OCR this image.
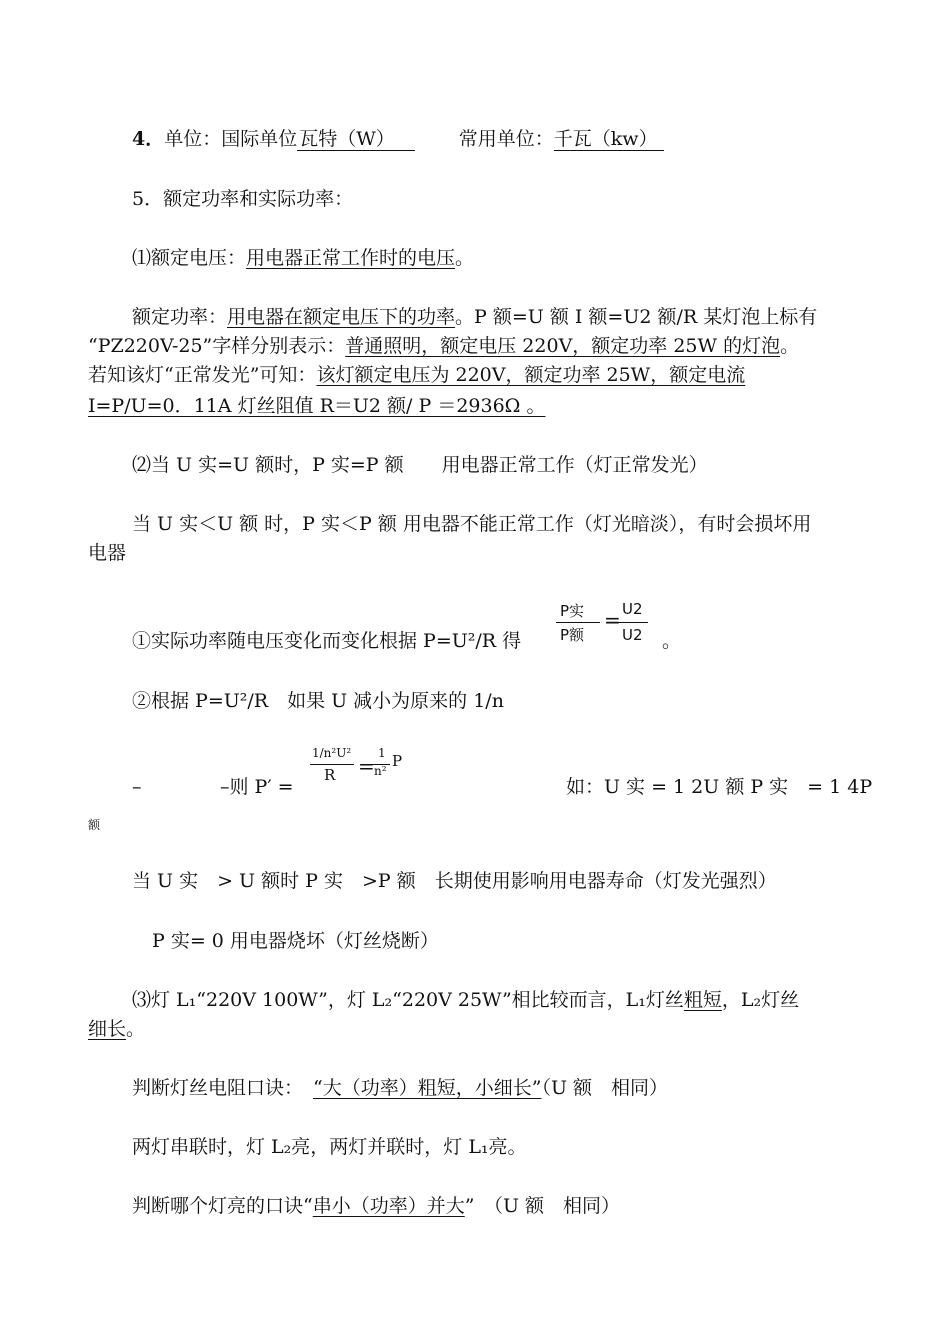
4．单位：国际单位 瓦特（W）	常用单位：千瓦（kw）
5．额定功率和实际功率：
⑴额定电压：用电器正常工作时的电压。
额定功率：用电器在额定电压下的功率。P 额=U 额 I 额=U2 额/R 某灯泡上标有
“PZ220V-25”字样分别表示：普通照明，额定电压 220V，额定功率 25W 的灯泡。
若知该灯“正常发光”可知：该灯额定电压为 220V，额定功率 25W，额定电流
I=P/U=0．11A 灯丝阻值 R＝U2 额/ P ＝2936Ω 。
⑵当 U 实=U 额时，P 实=P 额　　用电器正常工作（灯正常发光）
当 U 实＜U 额 时，P 实＜P 额 用电器不能正常工作（灯光暗淡），有时会损坏用
电器
①实际功率随电压变化而变化根据 P=U²/R 得
P实
P额
= U2
U2 。
②根据 P=U²/R　如果 U 减小为原来的 1/n
–	–则 P′ =
1/n²U²
R =
1
n²
P
如：U 实 = 1 2U 额 P 实　= 1 4P
额
当 U 实　> U 额时 P 实　>P 额　长期使用影响用电器寿命（灯发光强烈）
P 实= 0 用电器烧坏（灯丝烧断）
⑶灯 L₁“220V 100W”，灯 L₂“220V 25W”相比较而言，L₁灯丝粗短，L₂灯丝
细长。
判断灯丝电阻口诀： “大（功率）粗短，小细长”（U 额　相同）
两灯串联时，灯 L₂亮，两灯并联时，灯 L₁亮。
判断哪个灯亮的口诀“串小（功率）并大”　（U 额　相同）
